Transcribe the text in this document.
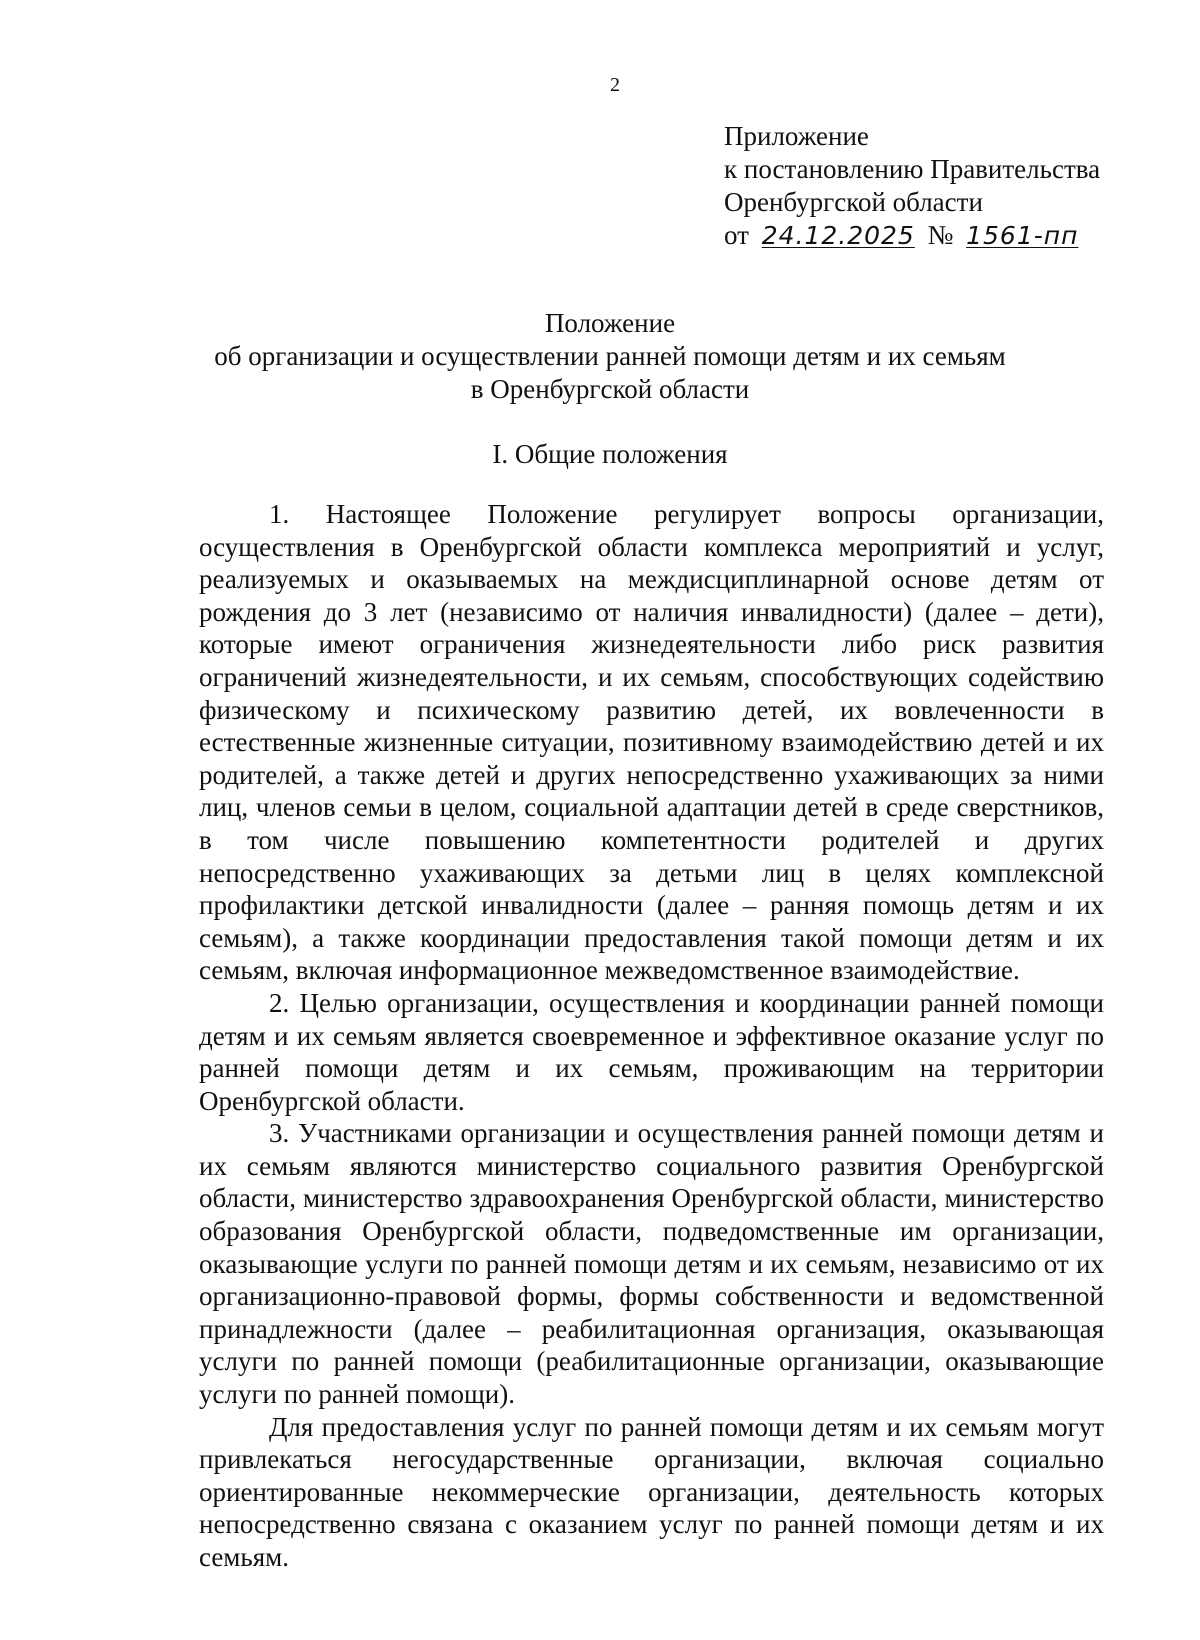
2
Приложение
к постановлению Правительства
Оренбургской области
от 24.12.2025 № 1561-пп
Положение
об организации и осуществлении ранней помощи детям и их семьям
в Оренбургской области
I. Общие положения

1. Настоящее Положение регулирует вопросы организации, осуществления в Оренбургской области комплекса мероприятий и услуг, реализуемых и оказываемых на междисциплинарной основе детям от рождения до 3 лет (независимо от наличия инвалидности) (далее – дети), которые имеют ограничения жизнедеятельности либо риск развития ограничений жизнедеятельности, и их семьям, способствующих содействию физическому и психическому развитию детей, их вовлеченности в естественные жизненные ситуации, позитивному взаимодействию детей и их родителей, а также детей и других непосредственно ухаживающих за ними лиц, членов семьи в целом, социальной адаптации детей в среде сверстников, в том числе повышению компетентности родителей и других непосредственно ухаживающих за детьми лиц в целях комплексной профилактики детской инвалидности (далее – ранняя помощь детям и их семьям), а также координации предоставления такой помощи детям и их семьям, включая информационное межведомственное взаимодействие.

2. Целью организации, осуществления и координации ранней помощи детям и их семьям является своевременное и эффективное оказание услуг по ранней помощи детям и их семьям, проживающим на территории Оренбургской области.

3. Участниками организации и осуществления ранней помощи детям и их семьям являются министерство социального развития Оренбургской области, министерство здравоохранения Оренбургской области, министерство образования Оренбургской области, подведомственные им организации, оказывающие услуги по ранней помощи детям и их семьям, независимо от их организационно-правовой формы, формы собственности и ведомственной принадлежности (далее – реабилитационная организация, оказывающая услуги по ранней помощи (реабилитационные организации, оказывающие услуги по ранней помощи).

Для предоставления услуг по ранней помощи детям и их семьям могут привлекаться негосударственные организации, включая социально ориентированные некоммерческие организации, деятельность которых непосредственно связана с оказанием услуг по ранней помощи детям и их семьям.
